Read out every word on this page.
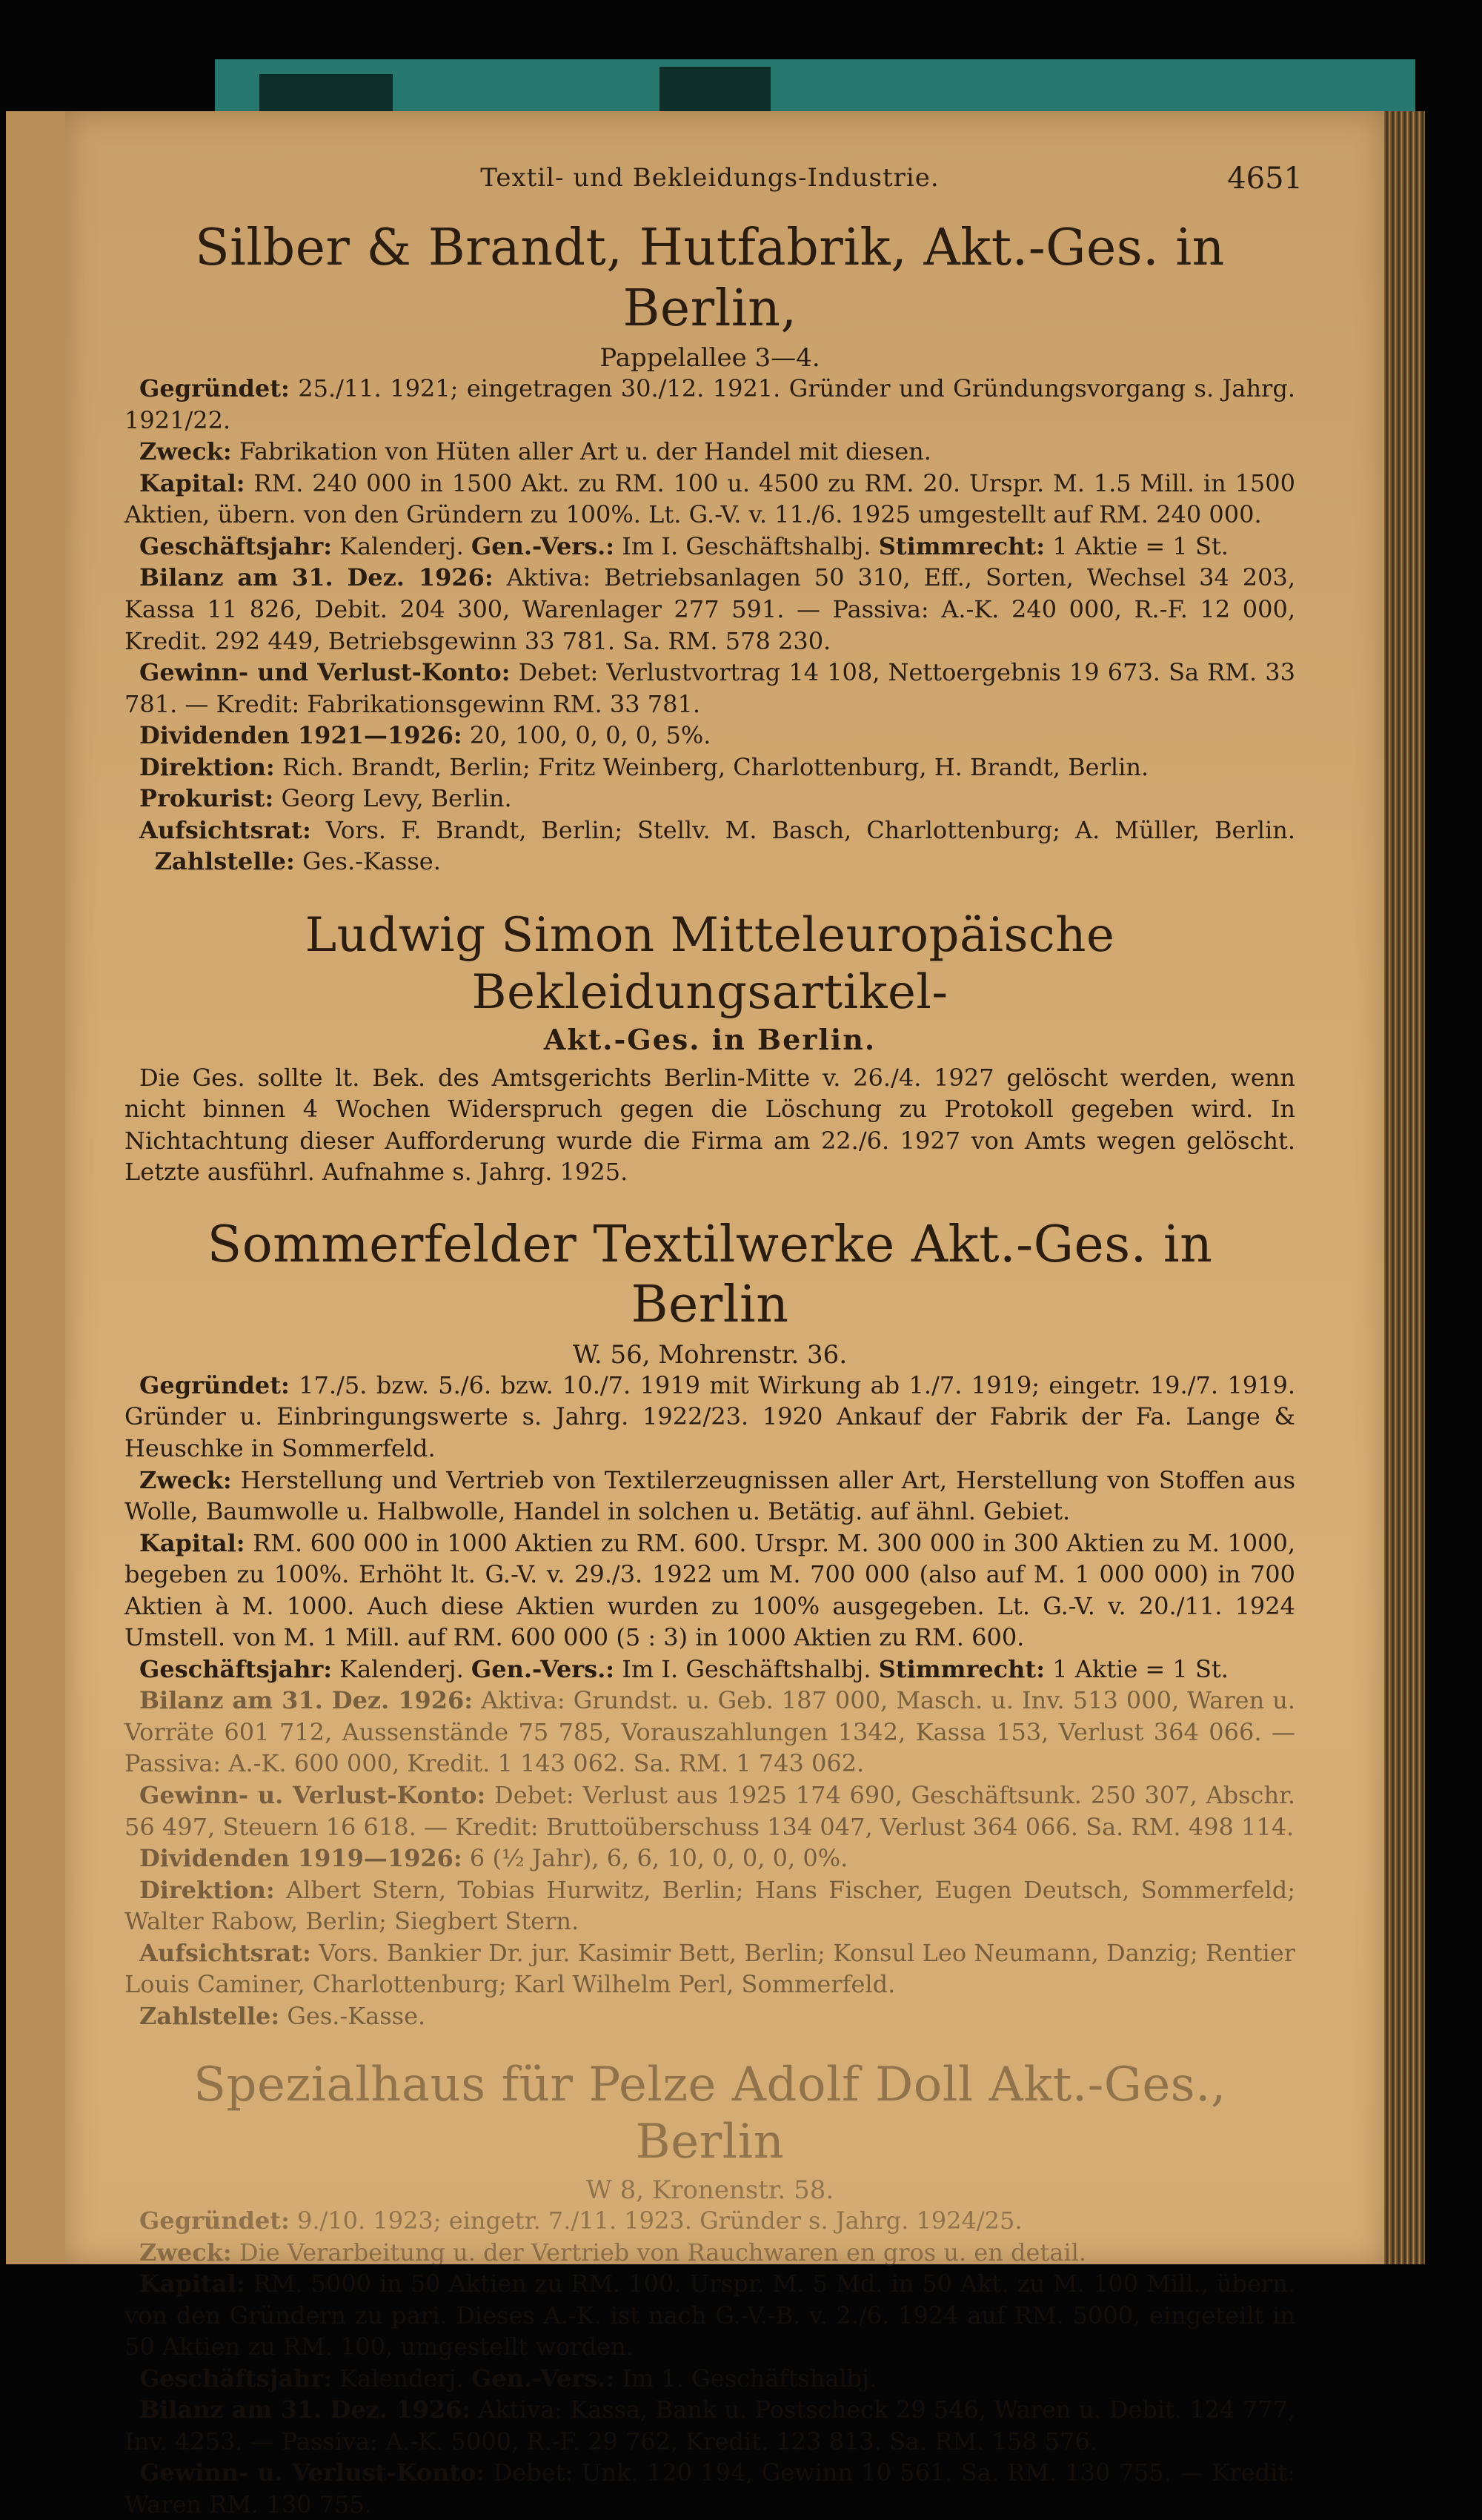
Textil- und Bekleidungs-Industrie.	4651
Silber & Brandt, Hutfabrik, Akt.-Ges. in Berlin,
Pappelallee 3—4.

Gegründet: 25./11. 1921; eingetragen 30./12. 1921. Gründer und Gründungsvorgang s. Jahrg. 1921/22.

Zweck: Fabrikation von Hüten aller Art u. der Handel mit diesen.

Kapital: RM. 240 000 in 1500 Akt. zu RM. 100 u. 4500 zu RM. 20. Urspr. M. 1.5 Mill. in 1500 Aktien, übern. von den Gründern zu 100%. Lt. G.-V. v. 11./6. 1925 umgestellt auf RM. 240 000.

Geschäftsjahr: Kalenderj. Gen.-Vers.: Im I. Geschäftshalbj. Stimmrecht: 1 Aktie = 1 St.

Bilanz am 31. Dez. 1926: Aktiva: Betriebsanlagen 50 310, Eff., Sorten, Wechsel 34 203, Kassa 11 826, Debit. 204 300, Warenlager 277 591. — Passiva: A.-K. 240 000, R.-F. 12 000, Kredit. 292 449, Betriebsgewinn 33 781. Sa. RM. 578 230.

Gewinn- und Verlust-Konto: Debet: Verlustvortrag 14 108, Nettoergebnis 19 673. Sa RM. 33 781. — Kredit: Fabrikationsgewinn RM. 33 781.

Dividenden 1921—1926: 20, 100, 0, 0, 0, 5%.

Direktion: Rich. Brandt, Berlin; Fritz Weinberg, Charlottenburg, H. Brandt, Berlin.

Prokurist: Georg Levy, Berlin.

Aufsichtsrat: Vors. F. Brandt, Berlin; Stellv. M. Basch, Charlottenburg; A. Müller, Berlin.     Zahlstelle: Ges.-Kasse.

Ludwig Simon Mitteleuropäische Bekleidungsartikel-
Akt.-Ges. in Berlin.

Die Ges. sollte lt. Bek. des Amtsgerichts Berlin-Mitte v. 26./4. 1927 gelöscht werden, wenn nicht binnen 4 Wochen Widerspruch gegen die Löschung zu Protokoll gegeben wird. In Nichtachtung dieser Aufforderung wurde die Firma am 22./6. 1927 von Amts wegen gelöscht. Letzte ausführl. Aufnahme s. Jahrg. 1925.

Sommerfelder Textilwerke Akt.-Ges. in Berlin
W. 56, Mohrenstr. 36.

Gegründet: 17./5. bzw. 5./6. bzw. 10./7. 1919 mit Wirkung ab 1./7. 1919; eingetr. 19./7. 1919. Gründer u. Einbringungswerte s. Jahrg. 1922/23. 1920 Ankauf der Fabrik der Fa. Lange & Heuschke in Sommerfeld.

Zweck: Herstellung und Vertrieb von Textilerzeugnissen aller Art, Herstellung von Stoffen aus Wolle, Baumwolle u. Halbwolle, Handel in solchen u. Betätig. auf ähnl. Gebiet.

Kapital: RM. 600 000 in 1000 Aktien zu RM. 600. Urspr. M. 300 000 in 300 Aktien zu M. 1000, begeben zu 100%. Erhöht lt. G.-V. v. 29./3. 1922 um M. 700 000 (also auf M. 1 000 000) in 700 Aktien à M. 1000. Auch diese Aktien wurden zu 100% ausgegeben. Lt. G.-V. v. 20./11. 1924 Umstell. von M. 1 Mill. auf RM. 600 000 (5 : 3) in 1000 Aktien zu RM. 600.

Geschäftsjahr: Kalenderj. Gen.-Vers.: Im I. Geschäftshalbj. Stimmrecht: 1 Aktie = 1 St.

Bilanz am 31. Dez. 1926: Aktiva: Grundst. u. Geb. 187 000, Masch. u. Inv. 513 000, Waren u. Vorräte 601 712, Aussenstände 75 785, Vorauszahlungen 1342, Kassa 153, Verlust 364 066. — Passiva: A.-K. 600 000, Kredit. 1 143 062. Sa. RM. 1 743 062.

Gewinn- u. Verlust-Konto: Debet: Verlust aus 1925 174 690, Geschäftsunk. 250 307, Abschr. 56 497, Steuern 16 618. — Kredit: Bruttoüberschuss 134 047, Verlust 364 066. Sa. RM. 498 114.

Dividenden 1919—1926: 6 (½ Jahr), 6, 6, 10, 0, 0, 0, 0%.

Direktion: Albert Stern, Tobias Hurwitz, Berlin; Hans Fischer, Eugen Deutsch, Sommerfeld; Walter Rabow, Berlin; Siegbert Stern.

Aufsichtsrat: Vors. Bankier Dr. jur. Kasimir Bett, Berlin; Konsul Leo Neumann, Danzig; Rentier Louis Caminer, Charlottenburg; Karl Wilhelm Perl, Sommerfeld.

Zahlstelle: Ges.-Kasse.

Spezialhaus für Pelze Adolf Doll Akt.-Ges., Berlin
W 8, Kronenstr. 58.

Gegründet: 9./10. 1923; eingetr. 7./11. 1923. Gründer s. Jahrg. 1924/25.

Zweck: Die Verarbeitung u. der Vertrieb von Rauchwaren en gros u. en detail.

Kapital: RM. 5000 in 50 Aktien zu RM. 100. Urspr. M. 5 Md. in 50 Akt. zu M. 100 Mill., übern. von den Gründern zu pari. Dieses A.-K. ist nach G.-V.-B. v. 2./6. 1924 auf RM. 5000, eingeteilt in 50 Aktien zu RM. 100, umgestellt worden.

Geschäftsjahr: Kalenderj. Gen.-Vers.: Im 1. Geschäftshalbj.

Bilanz am 31. Dez. 1926: Aktiva: Kassa, Bank u. Postscheck 29 546, Waren u. Debit. 124 777, Inv. 4253. — Passiva: A.-K. 5000, R.-F. 29 762, Kredit. 123 813. Sa. RM. 158 576.

Gewinn- u. Verlust-Konto: Debet: Unk. 120 194, Gewinn 10 561. Sa. RM. 130 755. — Kredit: Waren RM. 130 755.
